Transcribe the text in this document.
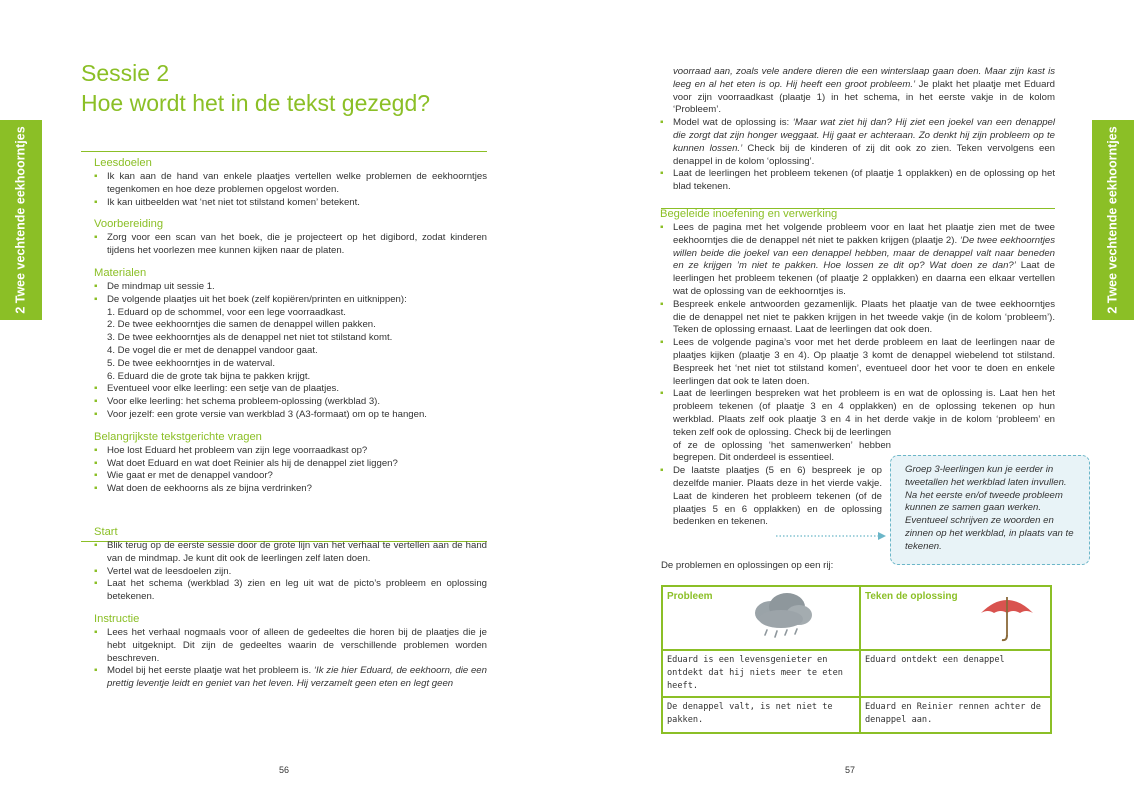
2 Twee vechtende eekhoorntjes
Sessie 2
Hoe wordt het in de tekst gezegd?
Leesdoelen
▪ Ik kan aan de hand van enkele plaatjes vertellen welke problemen de eekhoorntjes tegenkomen en hoe deze problemen opgelost worden.
▪ Ik kan uitbeelden wat ‘net niet tot stilstand komen’ betekent.
Voorbereiding
▪ Zorg voor een scan van het boek, die je projecteert op het digibord, zodat kinderen tijdens het voorlezen mee kunnen kijken naar de platen.
Materialen
▪ De mindmap uit sessie 1.
▪ De volgende plaatjes uit het boek (zelf kopiëren/printen en uitknippen):
1. Eduard op de schommel, voor een lege voorraadkast.
2. De twee eekhoorntjes die samen de denappel willen pakken.
3. De twee eekhoorntjes als de denappel net niet tot stilstand komt.
4. De vogel die er met de denappel vandoor gaat.
5. De twee eekhoorntjes in de waterval.
6. Eduard die de grote tak bijna te pakken krijgt.
▪ Eventueel voor elke leerling: een setje van de plaatjes.
▪ Voor elke leerling: het schema probleem-oplossing (werkblad 3).
▪ Voor jezelf: een grote versie van werkblad 3 (A3-formaat) om op te hangen.
Belangrijkste tekstgerichte vragen
▪ Hoe lost Eduard het probleem van zijn lege voorraadkast op?
▪ Wat doet Eduard en wat doet Reinier als hij de denappel ziet liggen?
▪ Wie gaat er met de denappel vandoor?
▪ Wat doen de eekhoorns als ze bijna verdrinken?
Start
▪ Blik terug op de eerste sessie door de grote lijn van het verhaal te vertellen aan de hand van de mindmap. Je kunt dit ook de leerlingen zelf laten doen.
▪ Vertel wat de leesdoelen zijn.
▪ Laat het schema (werkblad 3) zien en leg uit wat de picto’s probleem en oplossing betekenen.
Instructie
▪ Lees het verhaal nogmaals voor of alleen de gedeeltes die horen bij de plaatjes die je hebt uitgeknipt. Dit zijn de gedeeltes waarin de verschillende problemen worden beschreven.
▪ Model bij het eerste plaatje wat het probleem is. ‘Ik zie hier Eduard, de eekhoorn, die een prettig leventje leidt en geniet van het leven. Hij verzamelt geen eten en legt geen
56
2 Twee vechtende eekhoorntjes
voorraad aan, zoals vele andere dieren die een winterslaap gaan doen. Maar zijn kast is leeg en al het eten is op. Hij heeft een groot probleem.’ Je plakt het plaatje met Eduard voor zijn voorraadkast (plaatje 1) in het schema, in het eerste vakje in de kolom ‘Probleem’.
▪ Model wat de oplossing is: ‘Maar wat ziet hij dan? Hij ziet een joekel van een denappel die zorgt dat zijn honger weggaat. Hij gaat er achteraan. Zo denkt hij zijn probleem op te kunnen lossen.’ Check bij de kinderen of zij dit ook zo zien. Teken vervolgens een denappel in de kolom ‘oplossing’.
▪ Laat de leerlingen het probleem tekenen (of plaatje 1 opplakken) en de oplossing op het blad tekenen.
Begeleide inoefening en verwerking
▪ Lees de pagina met het volgende probleem voor en laat het plaatje zien met de twee eekhoorntjes die de denappel nét niet te pakken krijgen (plaatje 2). ‘De twee eekhoorntjes willen beide die joekel van een denappel hebben, maar de denappel valt naar beneden en ze krijgen ’m niet te pakken. Hoe lossen ze dit op? Wat doen ze dan?’ Laat de leerlingen het probleem tekenen (of plaatje 2 opplakken) en daarna een elkaar vertellen wat de oplossing van de eekhoorntjes is.
▪ Bespreek enkele antwoorden gezamenlijk. Plaats het plaatje van de twee eekhoorntjes die de denappel net niet te pakken krijgen in het tweede vakje (in de kolom ‘probleem’). Teken de oplossing ernaast. Laat de leerlingen dat ook doen.
▪ Lees de volgende pagina’s voor met het derde probleem en laat de leerlingen naar de plaatjes kijken (plaatje 3 en 4). Op plaatje 3 komt de denappel wiebelend tot stilstand. Bespreek het ‘net niet tot stilstand komen’, eventueel door het voor te doen en enkele leerlingen dat ook te laten doen.
▪ Laat de leerlingen bespreken wat het probleem is en wat de oplossing is. Laat hen het probleem tekenen (of plaatje 3 en 4 opplakken) en de oplossing tekenen op hun werkblad. Plaats zelf ook plaatje 3 en 4 in het derde vakje in de kolom ‘probleem’ en teken zelf ook de oplossing. Check bij de leerlingen
of ze de oplossing ‘het samenwerken’ hebben begrepen. Dit onderdeel is essentieel.
▪ De laatste plaatjes (5 en 6) bespreek je op dezelfde manier. Plaats deze in het vierde vakje. Laat de kinderen het probleem tekenen (of de plaatjes 5 en 6 opplakken) en de oplossing bedenken en tekenen.
57
Groep 3-leerlingen kun je eerder in tweetallen het werkblad laten invullen. Na het eerste en/of tweede probleem kunnen ze samen gaan werken. Eventueel schrijven ze woorden en zinnen op het werkblad, in plaats van te tekenen.
De problemen en oplossingen op een rij:
Probleem	Teken de oplossing

Eduard is een levensgenieter en ontdekt dat hij niets meer te eten heeft.	Eduard ontdekt een denappel
De denappel valt, is net niet te pakken.	Eduard en Reinier rennen achter de denappel aan.
